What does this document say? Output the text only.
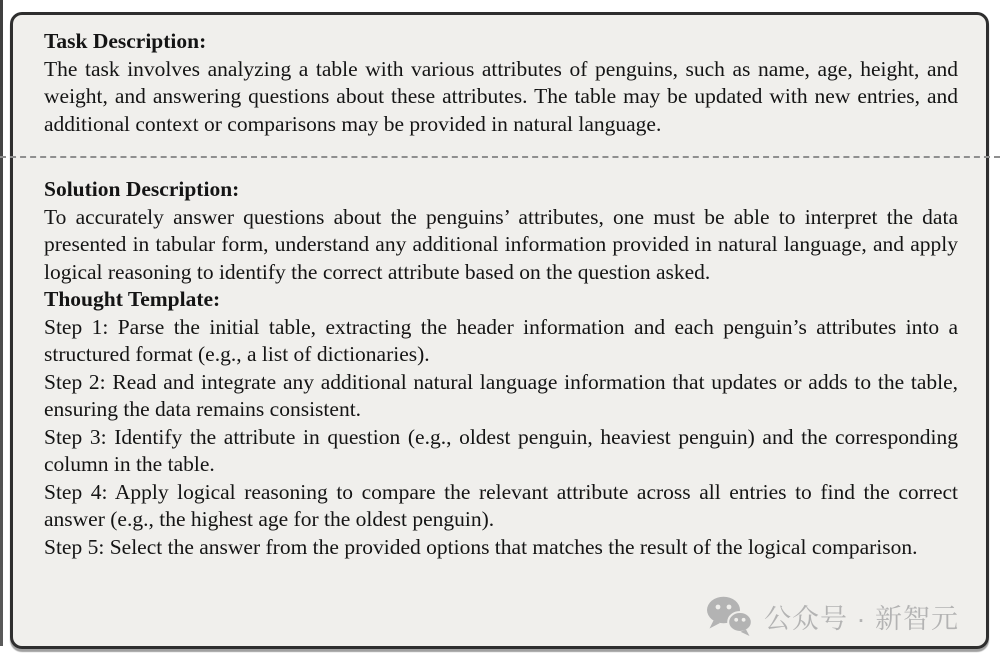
Task Description:

The task involves analyzing a table with various attributes of penguins, such as name, age, height, and weight, and answering questions about these attributes. The table may be updated with new entries, and additional context or comparisons may be provided in natural language.

Solution Description:

To accurately answer questions about the penguins’ attributes, one must be able to interpret the data presented in tabular form, understand any additional information provided in natural language, and apply logical reasoning to identify the correct attribute based on the question asked.

Thought Template:

Step 1: Parse the initial table, extracting the header information and each penguin’s attributes into a structured format (e.g., a list of dictionaries).

Step 2: Read and integrate any additional natural language information that updates or adds to the table, ensuring the data remains consistent.

Step 3: Identify the attribute in question (e.g., oldest penguin, heaviest penguin) and the corresponding column in the table.

Step 4: Apply logical reasoning to compare the relevant attribute across all entries to find the correct answer (e.g., the highest age for the oldest penguin).

Step 5: Select the answer from the provided options that matches the result of the logical comparison.

公众号 · 新智元
